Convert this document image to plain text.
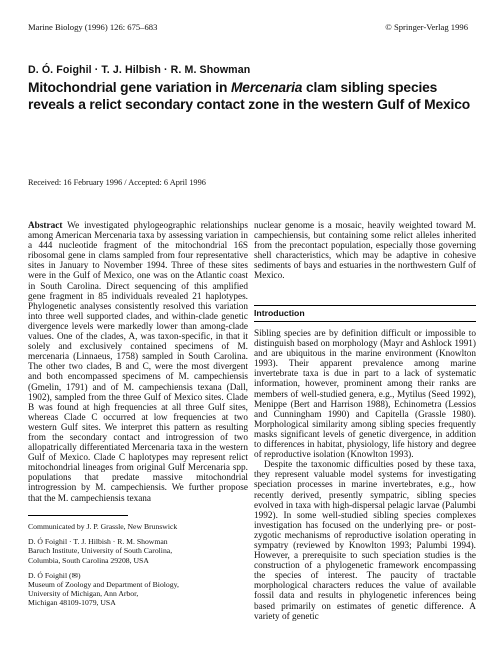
Marine Biology (1996) 126: 675–683	© Springer-Verlag 1996
D. Ó. Foighil · T. J. Hilbish · R. M. Showman
Mitochondrial gene variation in Mercenaria clam sibling species reveals a relict secondary contact zone in the western Gulf of Mexico
Received: 16 February 1996 / Accepted: 6 April 1996
Abstract We investigated phylogeographic relationships among American Mercenaria taxa by assessing variation in a 444 nucleotide fragment of the mitochondrial 16S ribosomal gene in clams sampled from four representative sites in January to November 1994. Three of these sites were in the Gulf of Mexico, one was on the Atlantic coast in South Carolina. Direct sequencing of this amplified gene fragment in 85 individuals revealed 21 haplotypes. Phylogenetic analyses consistently resolved this variation into three well supported clades, and within-clade genetic divergence levels were markedly lower than among-clade values. One of the clades, A, was taxon-specific, in that it solely and exclusively contained specimens of M. mercenaria (Linnaeus, 1758) sampled in South Carolina. The other two clades, B and C, were the most divergent and both encompassed specimens of M. campechiensis (Gmelin, 1791) and of M. campechiensis texana (Dall, 1902), sampled from the three Gulf of Mexico sites. Clade B was found at high frequencies at all three Gulf sites, whereas Clade C occurred at low frequencies at two western Gulf sites. We interpret this pattern as resulting from the secondary contact and introgression of two allopatrically differentiated Mercenaria taxa in the western Gulf of Mexico. Clade C haplotypes may represent relict mitochondrial lineages from original Gulf Mercenaria spp. populations that predate massive mitochondrial introgression by M. campechiensis. We further propose that the M. campechiensis texana
nuclear genome is a mosaic, heavily weighted toward M. campechiensis, but containing some relict alleles inherited from the precontact population, especially those governing shell characteristics, which may be adaptive in cohesive sediments of bays and estuaries in the northwestern Gulf of Mexico.
Introduction

Sibling species are by definition difficult or impossible to distinguish based on morphology (Mayr and Ashlock 1991) and are ubiquitous in the marine environment (Knowlton 1993). Their apparent prevalence among marine invertebrate taxa is due in part to a lack of systematic information, however, prominent among their ranks are members of well-studied genera, e.g., Mytilus (Seed 1992), Menippe (Bert and Harrison 1988), Echinometra (Lessios and Cunningham 1990) and Capitella (Grassle 1980). Morphological similarity among sibling species frequently masks significant levels of genetic divergence, in addition to differences in habitat, physiology, life history and degree of reproductive isolation (Knowlton 1993).

Despite the taxonomic difficulties posed by these taxa, they represent valuable model systems for investigating speciation processes in marine invertebrates, e.g., how recently derived, presently sympatric, sibling species evolved in taxa with high-dispersal pelagic larvae (Palumbi 1992). In some well-studied sibling species complexes investigation has focused on the underlying pre- or post-zygotic mechanisms of reproductive isolation operating in sympatry (reviewed by Knowlton 1993; Palumbi 1994). However, a prerequisite to such speciation studies is the construction of a phylogenetic framework encompassing the species of interest. The paucity of tractable morphological characters reduces the value of available fossil data and results in phylogenetic inferences being based primarily on estimates of genetic difference. A variety of genetic

Communicated by J. P. Grassle, New Brunswick
D. Ó Foighil · T. J. Hilbish · R. M. Showman
Baruch Institute, University of South Carolina,
Columbia, South Carolina 29208, USA
D. Ó Foighil (✉)
Museum of Zoology and Department of Biology,
University of Michigan, Ann Arbor,
Michigan 48109-1079, USA
